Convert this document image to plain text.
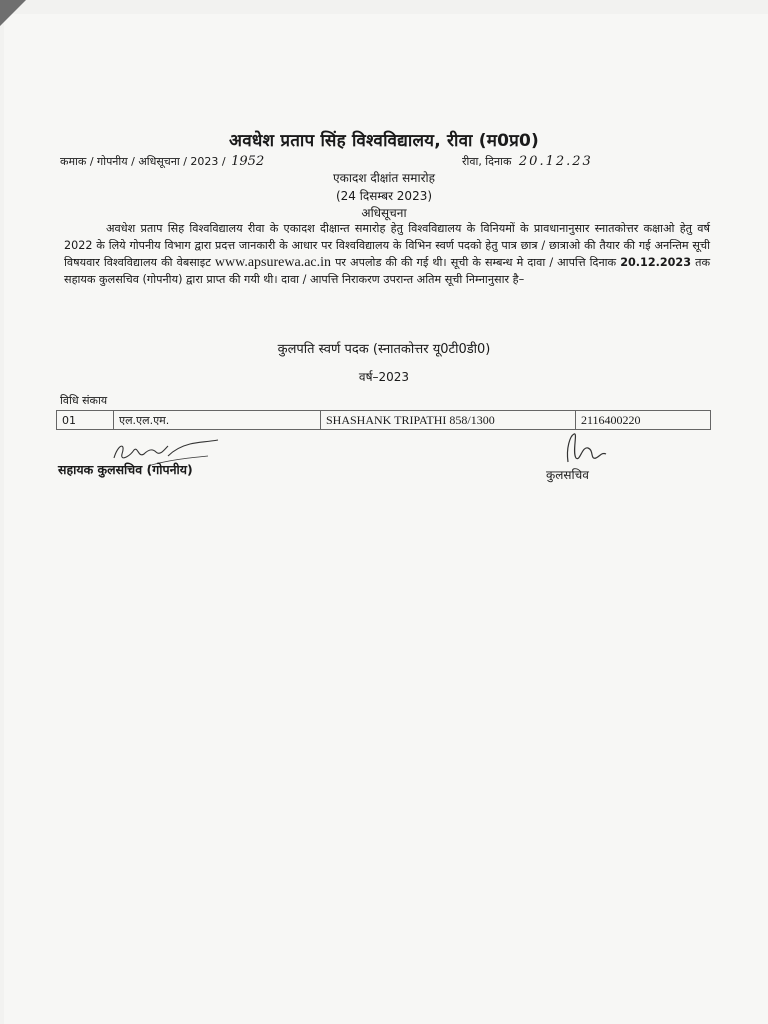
अवधेश प्रताप सिंह विश्वविद्यालय, रीवा (म0प्र0)
कमाक / गोपनीय / अधिसूचना / 2023 / 1952	रीवा, दिनाक 20.12.23
एकादश दीक्षांत समारोह
(24 दिसम्बर 2023)
अधिसूचना

अवधेश प्रताप सिह विश्वविद्यालय रीवा के एकादश दीक्षान्त समारोह हेतु विश्वविद्यालय के विनियमों के प्रावधानानुसार स्नातकोत्तर कक्षाओ हेतु वर्ष 2022 के लिये गोपनीय विभाग द्वारा प्रदत्त जानकारी के आधार पर विश्वविद्यालय के विभिन स्वर्ण पदको हेतु पात्र छात्र / छात्राओ की तैयार की गई अनन्तिम सूची विषयवार विश्वविद्यालय की वेबसाइट www.apsurewa.ac.in पर अपलोड की की गई थी। सूची के सम्बन्ध मे दावा / आपत्ति दिनाक 20.12.2023 तक सहायक कुलसचिव (गोपनीय) द्वारा प्राप्त की गयी थी। दावा / आपत्ति निराकरण उपरान्त अतिम सूची निम्नानुसार है–

कुलपति स्वर्ण पदक (स्नातकोत्तर यू0टी0डी0)
वर्ष–2023
विधि संकाय
01	एल.एल.एम.	SHASHANK TRIPATHI 858/1300	2116400220
सहायक कुलसचिव (गोपनीय)	कुलसचिव
